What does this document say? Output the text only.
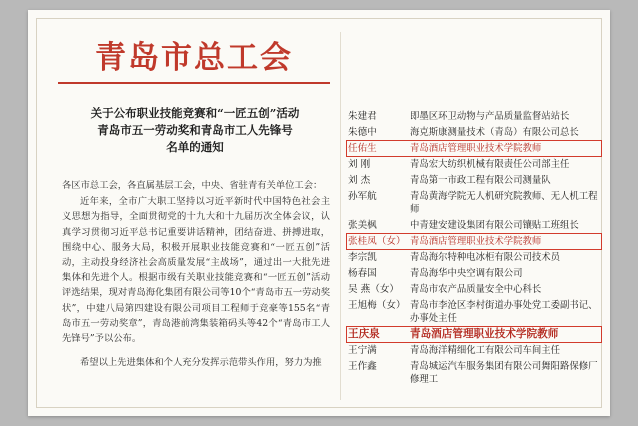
青岛市总工会
关于公布职业技能竞赛和“一匠五创”活动
青岛市五一劳动奖和青岛市工人先锋号
名单的通知

各区市总工会，各直属基层工会，中央、省驻青有关单位工会：

近年来，全市广大职工坚持以习近平新时代中国特色社会主义思想为指导，全面贯彻党的十九大和十九届历次全体会议，认真学习贯彻习近平总书记重要讲话精神，团结奋进、拼搏进取，围绕中心、服务大局，积极开展职业技能竞赛和“一匠五创”活动，主动投身经济社会高质量发展“主战场”，通过出一大批先进集体和先进个人。根据市级有关职业技能竞赛和“一匠五创”活动评选结果，现对青岛海化集团有限公司等10个“青岛市五一劳动奖状”，中建八局第四建设有限公司项目工程师于竞豪等155名“青岛市五一劳动奖章”，青岛港前湾集装箱码头等42个“青岛市工人先锋号”予以公布。

希望以上先进集体和个人充分发挥示范带头作用，努力为推

朱建君	即墨区环卫动物与产品质量监督站站长
朱德中	海克斯康测量技术（青岛）有限公司总长
任佑生	青岛酒店管理职业技术学院教师
刘 刚	青岛宏大纺织机械有限责任公司部主任
刘 杰	青岛第一市政工程有限公司测量队
孙军航	青岛黄海学院无人机研究院教师、无人机工程师
张美枫	中青建安建设集团有限公司镶贴工班组长
张桂凤（女） 青岛酒店管理职业技术学院教师
李宗凯	青岛海尔特种电冰柜有限公司技术员
杨春国	青岛海华中央空调有限公司
吴 燕（女）	青岛市农产品质量安全中心科长
王旭梅（女） 青岛市李沧区李村街道办事处党工委副书记、办事处主任
王庆泉	青岛酒店管理职业技术学院教师
王宁满	青岛海洋精细化工有限公司车间主任
王作鑫	青岛城运汽车服务集团有限公司舞阳路保修厂修理工
